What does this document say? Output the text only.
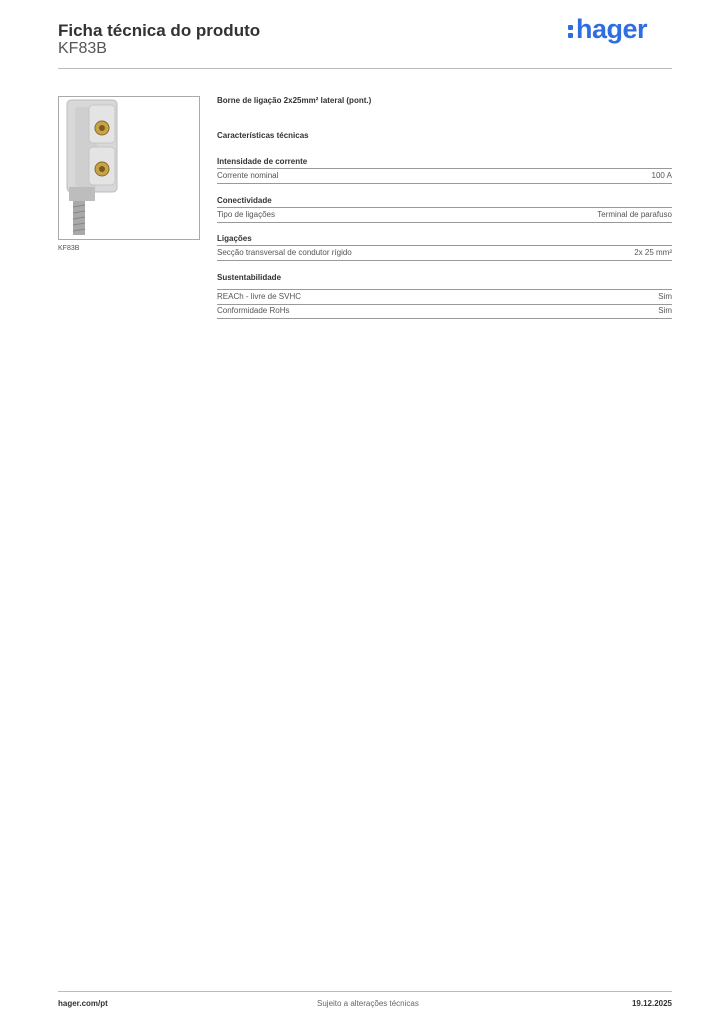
Ficha técnica do produto
KF83B
hager
KF83B
Borne de ligação 2x25mm² lateral (pont.)
Características técnicas
Intensidade de corrente
Corrente nominal	100 A
Conectividade
Tipo de ligações	Terminal de parafuso
Ligações
Secção transversal de condutor rígido	2x 25 mm²
Sustentabilidade
REACh - livre de SVHC	Sim
Conformidade RoHs	Sim
hager.com/pt	Sujeito a alterações técnicas	19.12.2025
